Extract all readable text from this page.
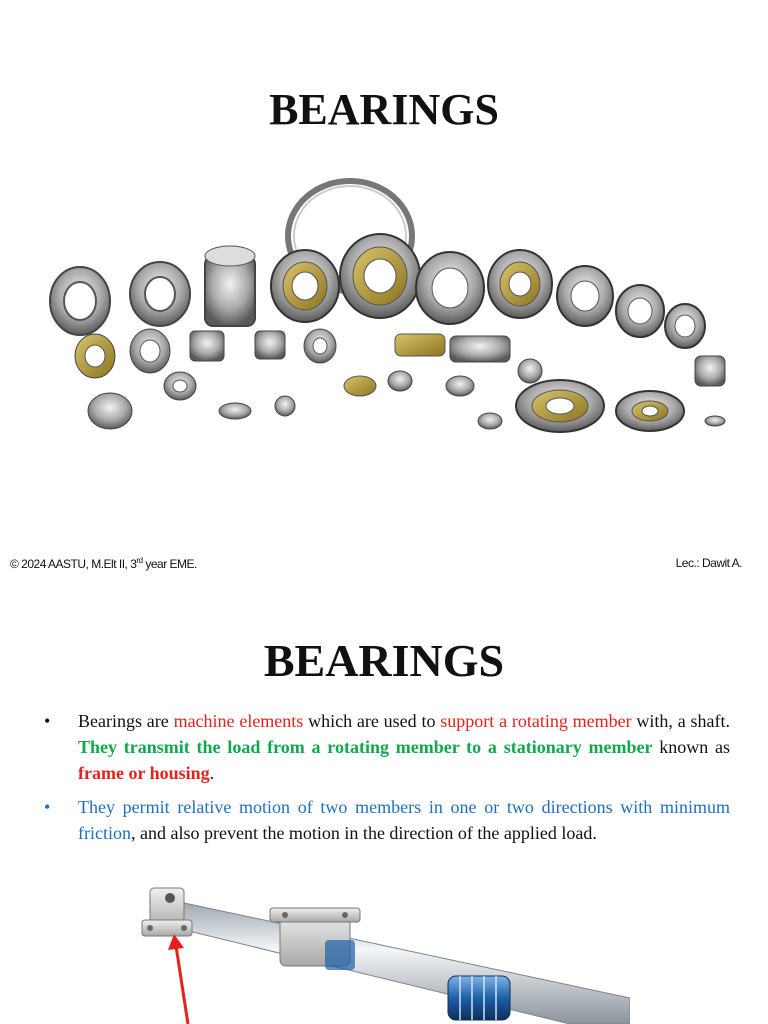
BEARINGS
© 2024 AASTU, M.Elt II, 3rd year EME.	Lec.: Dawit A.
BEARINGS
• Bearings are machine elements which are used to support a rotating member with, a shaft. They transmit the load from a rotating member to a stationary member known as frame or housing.
• They permit relative motion of two members in one or two directions with minimum friction, and also prevent the motion in the direction of the applied load.
